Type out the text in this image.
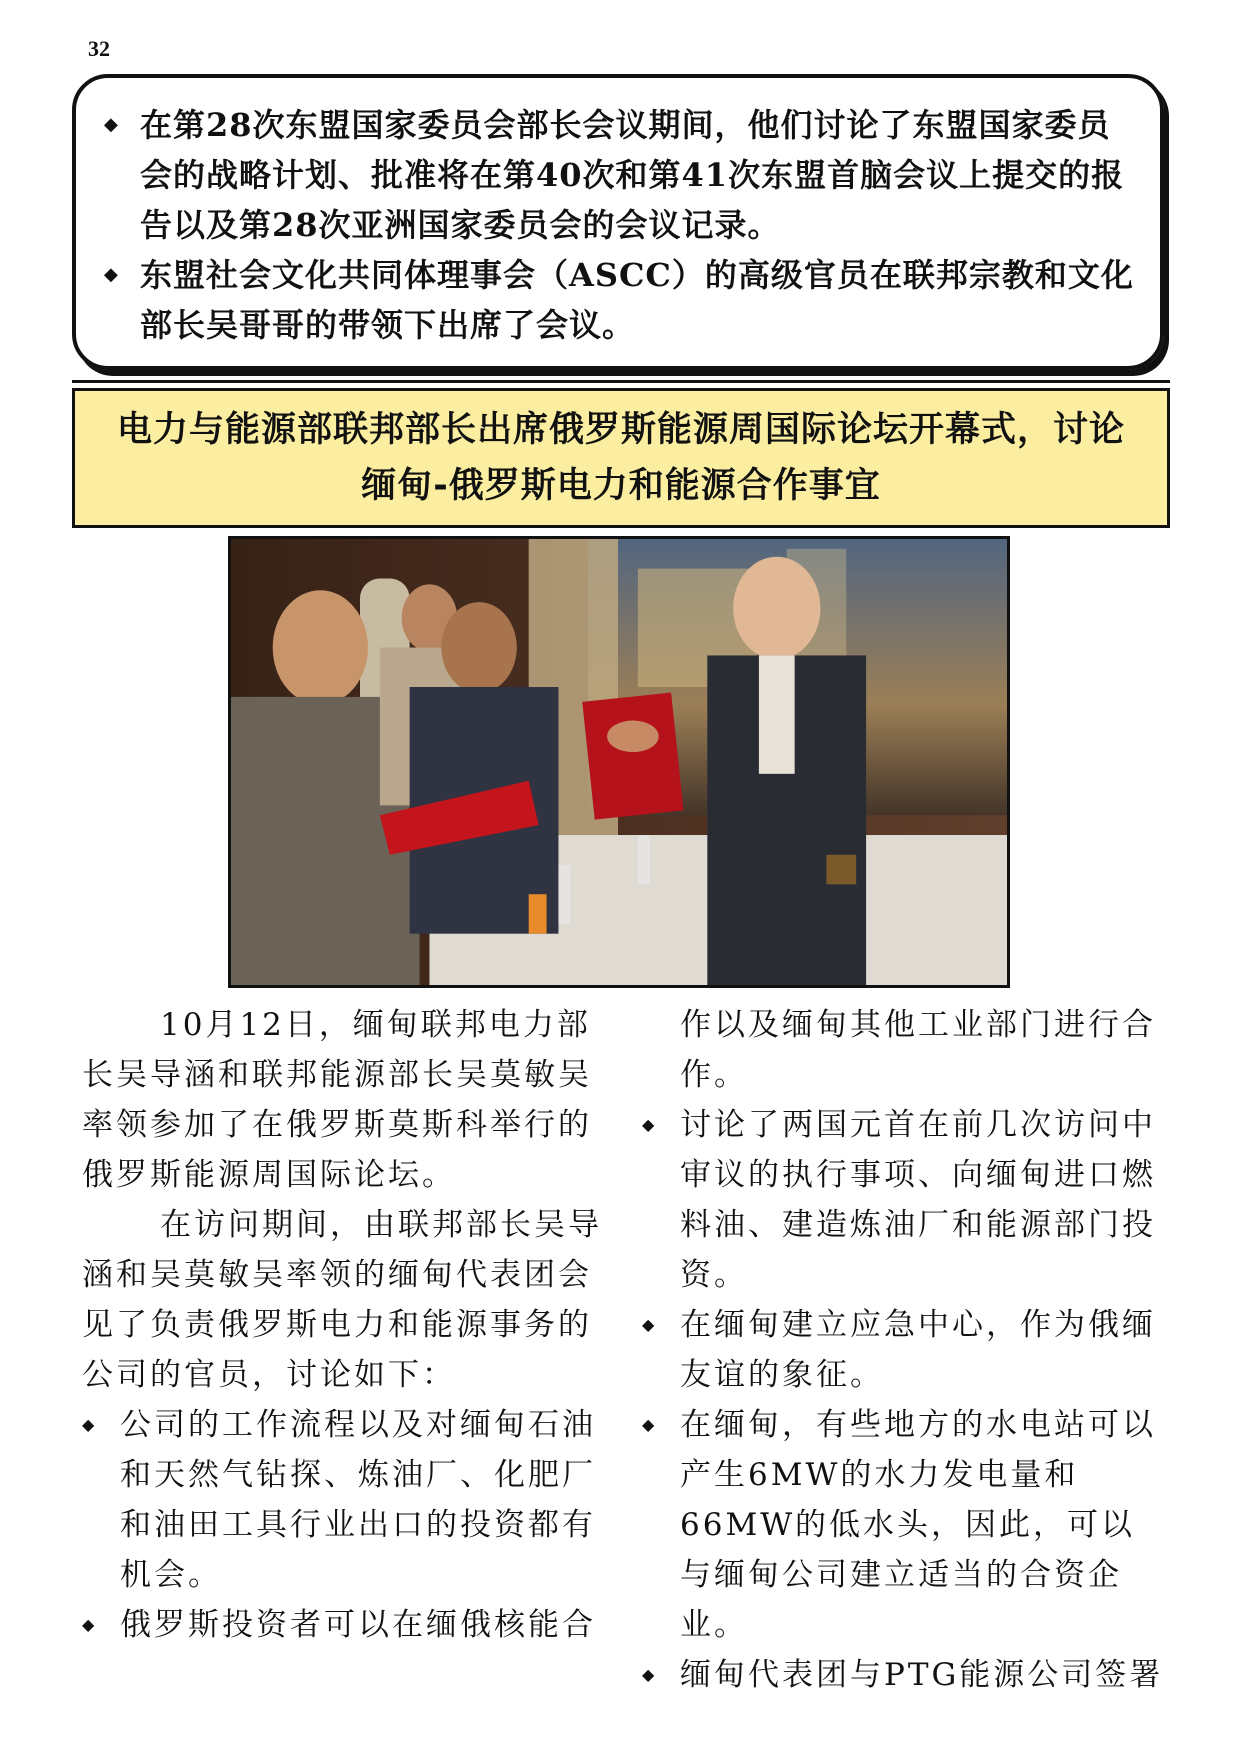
32
◆ 在第28次东盟国家委员会部长会议期间，他们讨论了东盟国家委员会的战略计划、批准将在第40次和第41次东盟首脑会议上提交的报告以及第28次亚洲国家委员会的会议记录。
◆ 东盟社会文化共同体理事会（ASCC）的高级官员在联邦宗教和文化部长吴哥哥的带领下出席了会议。
电力与能源部联邦部长出席俄罗斯能源周国际论坛开幕式，讨论
缅甸-俄罗斯电力和能源合作事宜

10月12日，缅甸联邦电力部长吴导涵和联邦能源部长吴莫敏吴率领参加了在俄罗斯莫斯科举行的俄罗斯能源周国际论坛。

在访问期间，由联邦部长吴导涵和吴莫敏吴率领的缅甸代表团会见了负责俄罗斯电力和能源事务的公司的官员，讨论如下：

◆ 公司的工作流程以及对缅甸石油和天然气钻探、炼油厂、化肥厂和油田工具行业出口的投资都有机会。
◆ 俄罗斯投资者可以在缅俄核能合

作以及缅甸其他工业部门进行合作。

◆ 讨论了两国元首在前几次访问中审议的执行事项、向缅甸进口燃料油、建造炼油厂和能源部门投资。
◆ 在缅甸建立应急中心，作为俄缅友谊的象征。
◆ 在缅甸，有些地方的水电站可以产生6MW的水力发电量和66MW的低水头，因此，可以与缅甸公司建立适当的合资企业。
◆ 缅甸代表团与PTG能源公司签署
